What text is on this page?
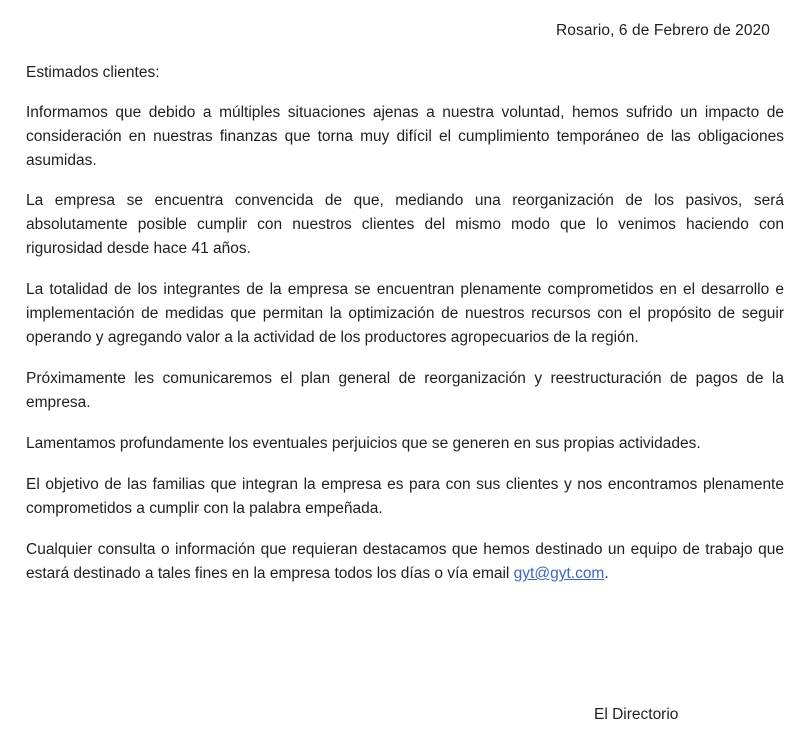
Rosario, 6 de Febrero de 2020
Estimados clientes:

Informamos que debido a múltiples situaciones ajenas a nuestra voluntad, hemos sufrido un impacto de consideración en nuestras finanzas que torna muy difícil el cumplimiento temporáneo de las obligaciones asumidas.

La empresa se encuentra convencida de que, mediando una reorganización de los pasivos, será absolutamente posible cumplir con nuestros clientes del mismo modo que lo venimos haciendo con rigurosidad desde hace 41 años.

La totalidad de los integrantes de la empresa se encuentran plenamente comprometidos en el desarrollo e implementación de medidas que permitan la optimización de nuestros recursos con el propósito de seguir operando y agregando valor a la actividad de los productores agropecuarios de la región.

Próximamente les comunicaremos el plan general de reorganización y reestructuración de pagos de la empresa.

Lamentamos profundamente los eventuales perjuicios que se generen en sus propias actividades.

El objetivo de las familias que integran la empresa es para con sus clientes y nos encontramos plenamente comprometidos a cumplir con la palabra empeñada.

Cualquier consulta o información que requieran destacamos que hemos destinado un equipo de trabajo que estará destinado a tales fines en la empresa todos los días o vía email gyt@gyt.com.

El Directorio
